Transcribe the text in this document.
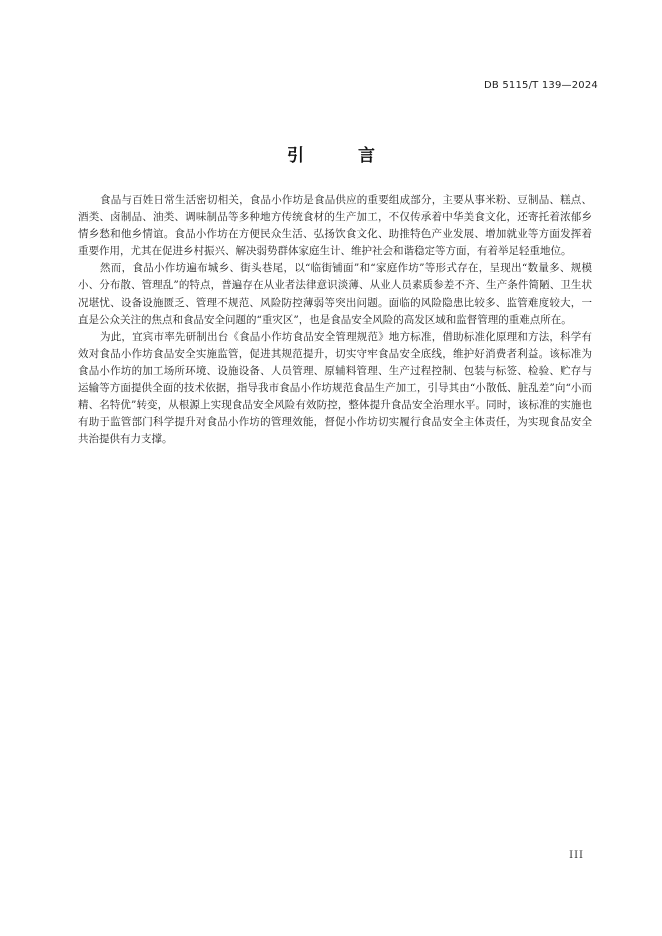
DB 5115/T 139—2024
引 言

食品与百姓日常生活密切相关，食品小作坊是食品供应的重要组成部分，主要从事米粉、豆制品、糕点、酒类、卤制品、油类、调味制品等多种地方传统食材的生产加工，不仅传承着中华美食文化，还寄托着浓郁乡情乡愁和他乡情谊。食品小作坊在方便民众生活、弘扬饮食文化、助推特色产业发展、增加就业等方面发挥着重要作用，尤其在促进乡村振兴、解决弱势群体家庭生计、维护社会和谐稳定等方面，有着举足轻重地位。

然而，食品小作坊遍布城乡、街头巷尾，以“临街铺面”和“家庭作坊”等形式存在，呈现出“数量多、规模小、分布散、管理乱”的特点，普遍存在从业者法律意识淡薄、从业人员素质参差不齐、生产条件简陋、卫生状况堪忧、设备设施匮乏、管理不规范、风险防控薄弱等突出问题。面临的风险隐患比较多、监管难度较大，一直是公众关注的焦点和食品安全问题的“重灾区”，也是食品安全风险的高发区域和监督管理的重难点所在。

为此，宜宾市率先研制出台《食品小作坊食品安全管理规范》地方标准，借助标准化原理和方法，科学有效对食品小作坊食品安全实施监管，促进其规范提升，切实守牢食品安全底线，维护好消费者利益。该标准为食品小作坊的加工场所环境、设施设备、人员管理、原辅料管理、生产过程控制、包装与标签、检验、贮存与运输等方面提供全面的技术依据，指导我市食品小作坊规范食品生产加工，引导其由“小散低、脏乱差”向“小而精、名特优”转变，从根源上实现食品安全风险有效防控，整体提升食品安全治理水平。同时，该标准的实施也有助于监管部门科学提升对食品小作坊的管理效能，督促小作坊切实履行食品安全主体责任，为实现食品安全共治提供有力支撑。

III
